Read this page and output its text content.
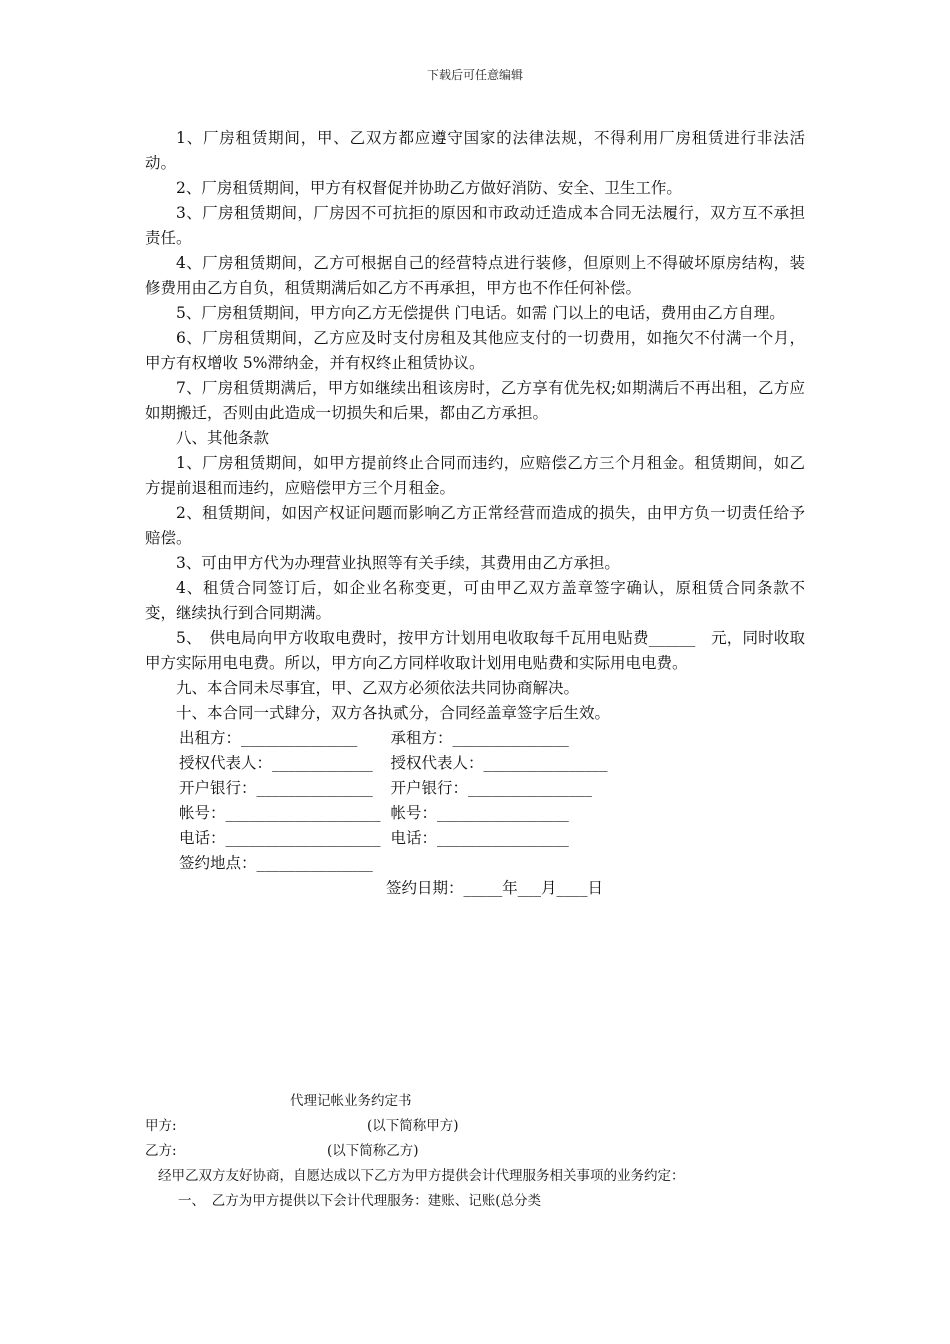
下载后可任意编辑

1、厂房租赁期间，甲、乙双方都应遵守国家的法律法规，不得利用厂房租赁进行非法活动。

2、厂房租赁期间，甲方有权督促并协助乙方做好消防、安全、卫生工作。

3、厂房租赁期间，厂房因不可抗拒的原因和市政动迁造成本合同无法履行，双方互不承担责任。

4、厂房租赁期间，乙方可根据自己的经营特点进行装修，但原则上不得破坏原房结构，装修费用由乙方自负，租赁期满后如乙方不再承担，甲方也不作任何补偿。

5、厂房租赁期间，甲方向乙方无偿提供 门电话。如需 门以上的电话，费用由乙方自理。

6、厂房租赁期间，乙方应及时支付房租及其他应支付的一切费用，如拖欠不付满一个月，甲方有权增收 5%滞纳金，并有权终止租赁协议。

7、厂房租赁期满后，甲方如继续出租该房时，乙方享有优先权;如期满后不再出租，乙方应如期搬迁，否则由此造成一切损失和后果，都由乙方承担。

八、其他条款

1、厂房租赁期间，如甲方提前终止合同而违约，应赔偿乙方三个月租金。租赁期间，如乙方提前退租而违约，应赔偿甲方三个月租金。

2、租赁期间，如因产权证问题而影响乙方正常经营而造成的损失，由甲方负一切责任给予赔偿。

3、可由甲方代为办理营业执照等有关手续，其费用由乙方承担。

4、租赁合同签订后，如企业名称变更，可由甲乙双方盖章签字确认，原租赁合同条款不变，继续执行到合同期满。

5、　供电局向甲方收取电费时，按甲方计划用电收取每千瓦用电贴费______　元，同时收取甲方实际用电电费。所以，甲方向乙方同样收取计划用电贴费和实际用电电费。

九、本合同未尽事宜，甲、乙双方必须依法共同协商解决。

十、本合同一式肆分，双方各执贰分，合同经盖章签字后生效。

出租方：_______________		承租方：_______________
授权代表人：_____________		授权代表人：________________
开户银行：_______________		开户银行：________________
帐号：____________________		帐号：_________________
电话：____________________		电话：_________________
签约地点：_______________		

签约日期：_____年___月____日

代理记帐业务约定书
甲方:	(以下简称甲方)
乙方:	(以下简称乙方)
经甲乙双方友好协商，自愿达成以下乙方为甲方提供会计代理服务相关事项的业务约定：
一、　乙方为甲方提供以下会计代理服务：建账、记账(总分类
